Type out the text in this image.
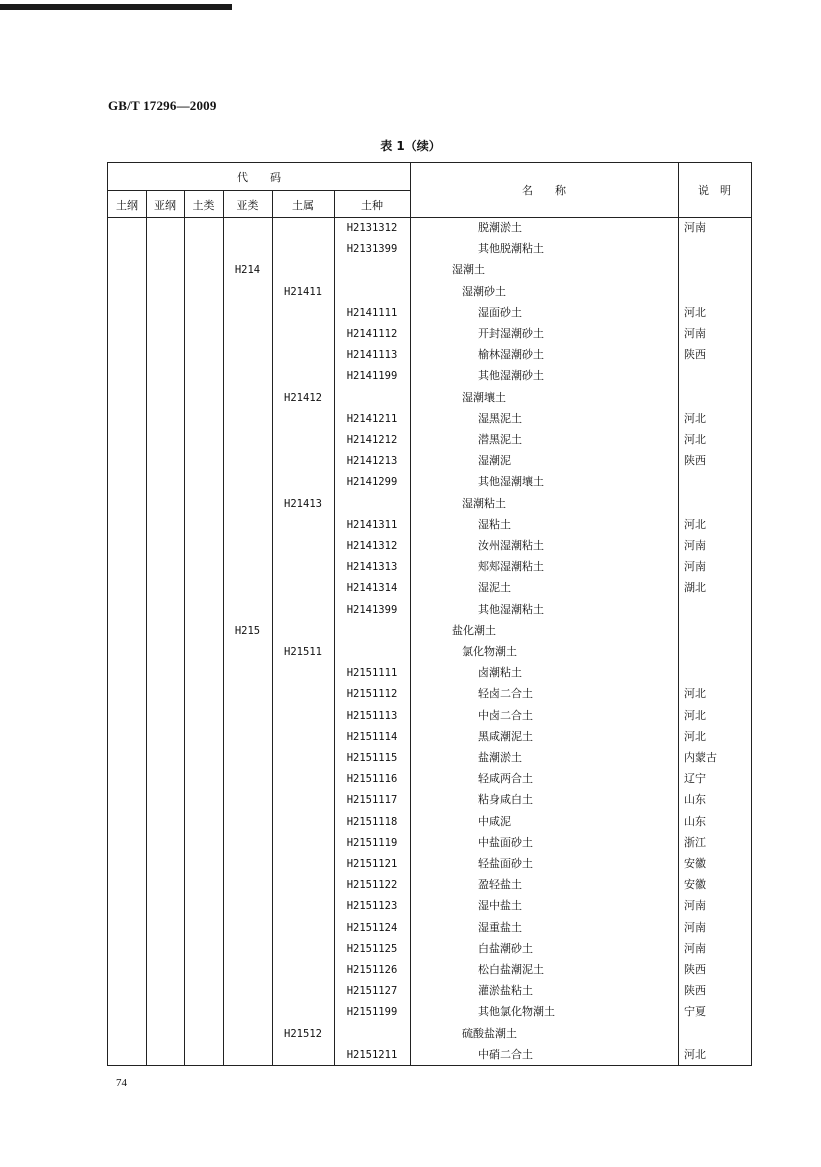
GB/T 17296—2009
表 1（续）
代　　码
土纲	亚纲	土类	亚类	土属	土种
名　　称	说　明
H2131312	脱潮淤土	河南
H2131399	其他脱潮粘土
H214	湿潮土
H21411	湿潮砂土
H2141111	湿面砂土	河北
H2141112	开封湿潮砂土	河南
H2141113	榆林湿潮砂土	陕西
H2141199	其他湿潮砂土
H21412	湿潮壤土
H2141211	湿黑泥土	河北
H2141212	潜黑泥土	河北
H2141213	湿潮泥	陕西
H2141299	其他湿潮壤土
H21413	湿潮粘土
H2141311	湿粘土	河北
H2141312	汝州湿潮粘土	河南
H2141313	郏郏湿潮粘土	河南
H2141314	湿泥土	湖北
H2141399	其他湿潮粘土
H215	盐化潮土
H21511	氯化物潮土
H2151111	卤潮粘土
H2151112	轻卤二合土	河北
H2151113	中卤二合土	河北
H2151114	黑咸潮泥土	河北
H2151115	盐潮淤土	内蒙古
H2151116	轻咸两合土	辽宁
H2151117	粘身咸白土	山东
H2151118	中咸泥	山东
H2151119	中盐面砂土	浙江
H2151121	轻盐面砂土	安徽
H2151122	盈轻盐土	安徽
H2151123	湿中盐土	河南
H2151124	湿重盐土	河南
H2151125	白盐潮砂土	河南
H2151126	松白盐潮泥土	陕西
H2151127	灌淤盐粘土	陕西
H2151199	其他氯化物潮土	宁夏
H21512	硫酸盐潮土
H2151211	中硝二合土	河北
74
